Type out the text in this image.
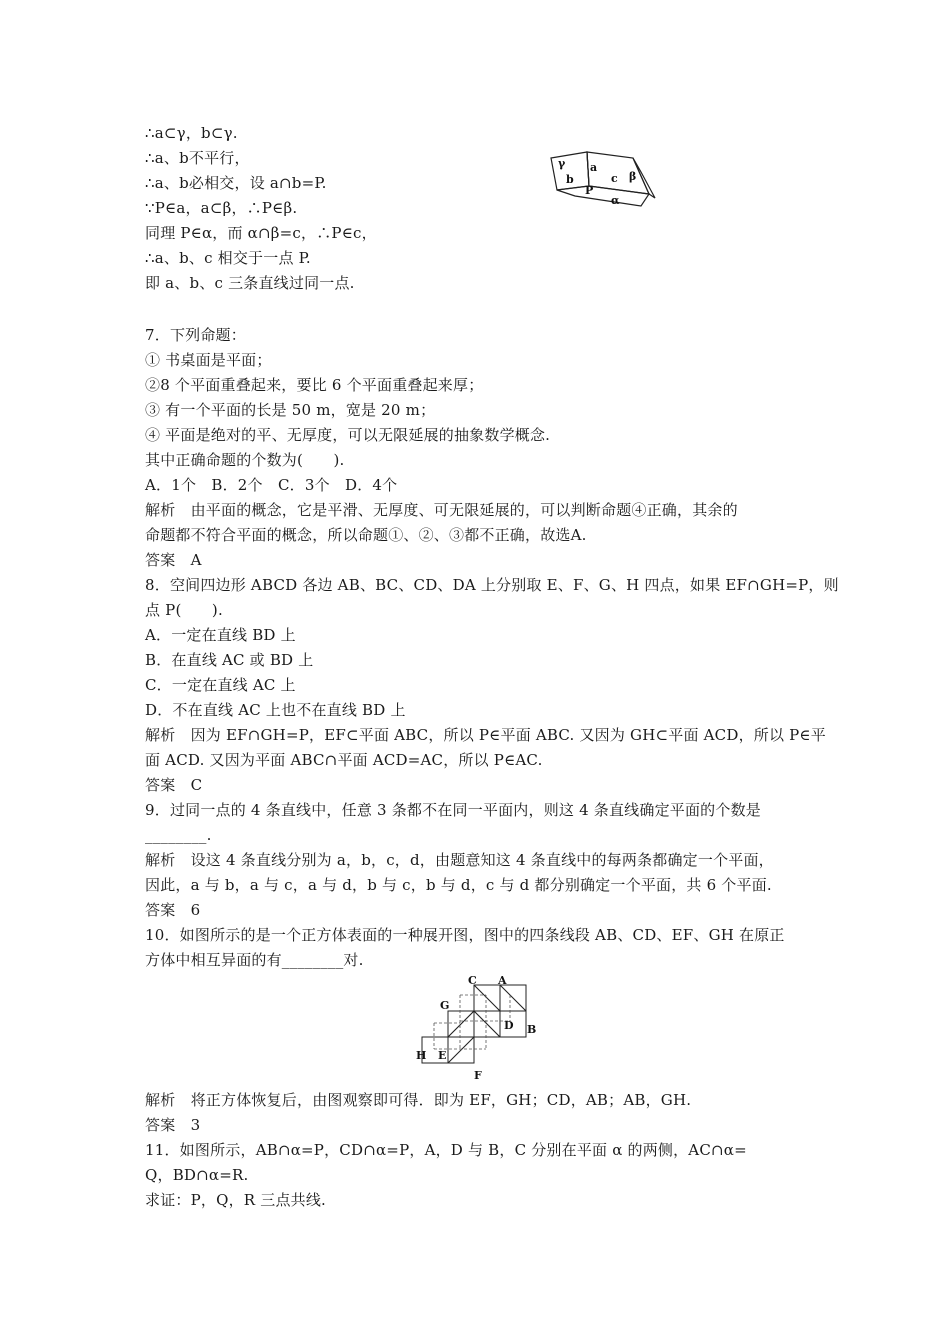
∴a⊂γ，b⊂γ.
∴a、b不平行，
∴a、b必相交，设 a∩b=P.
∵P∈a，a⊂β，∴P∈β.
同理 P∈α，而 α∩β=c，∴P∈c，
∴a、b、c 相交于一点 P.
即 a、b、c 三条直线过同一点.
γ a
b	c β
P
α
7．下列命题：
① 书桌面是平面；
②8 个平面重叠起来，要比 6 个平面重叠起来厚；
③ 有一个平面的长是 50 m，宽是 20 m；
④ 平面是绝对的平、无厚度，可以无限延展的抽象数学概念.
其中正确命题的个数为(　　).
A．1个　B．2个　C．3个　D．4个
解析　由平面的概念，它是平滑、无厚度、可无限延展的，可以判断命题④正确，其余的
命题都不符合平面的概念，所以命题①、②、③都不正确，故选A.
答案　A
8．空间四边形 ABCD 各边 AB、BC、CD、DA 上分别取 E、F、G、H 四点，如果 EF∩GH=P，则
点 P(　　).
A．一定在直线 BD 上
B．在直线 AC 或 BD 上
C．一定在直线 AC 上
D．不在直线 AC 上也不在直线 BD 上
解析　因为 EF∩GH=P，EF⊂平面 ABC，所以 P∈平面 ABC. 又因为 GH⊂平面 ACD，所以 P∈平
面 ACD. 又因为平面 ABC∩平面 ACD=AC，所以 P∈AC.
答案　C
9．过同一点的 4 条直线中，任意 3 条都不在同一平面内，则这 4 条直线确定平面的个数是
________.
解析　设这 4 条直线分别为 a，b，c，d，由题意知这 4 条直线中的每两条都确定一个平面，
因此，a 与 b，a 与 c，a 与 d，b 与 c，b 与 d，c 与 d 都分别确定一个平面，共 6 个平面.
答案　6
10．如图所示的是一个正方体表面的一种展开图，图中的四条线段 AB、CD、EF、GH 在原正
方体中相互异面的有________对.
C A
G
D B
H E
F
解析　将正方体恢复后，由图观察即可得．即为 EF，GH；CD，AB；AB，GH.
答案　3
11．如图所示，AB∩α=P，CD∩α=P，A，D 与 B，C 分别在平面 α 的两侧，AC∩α=
Q，BD∩α=R.
求证：P，Q，R 三点共线.
